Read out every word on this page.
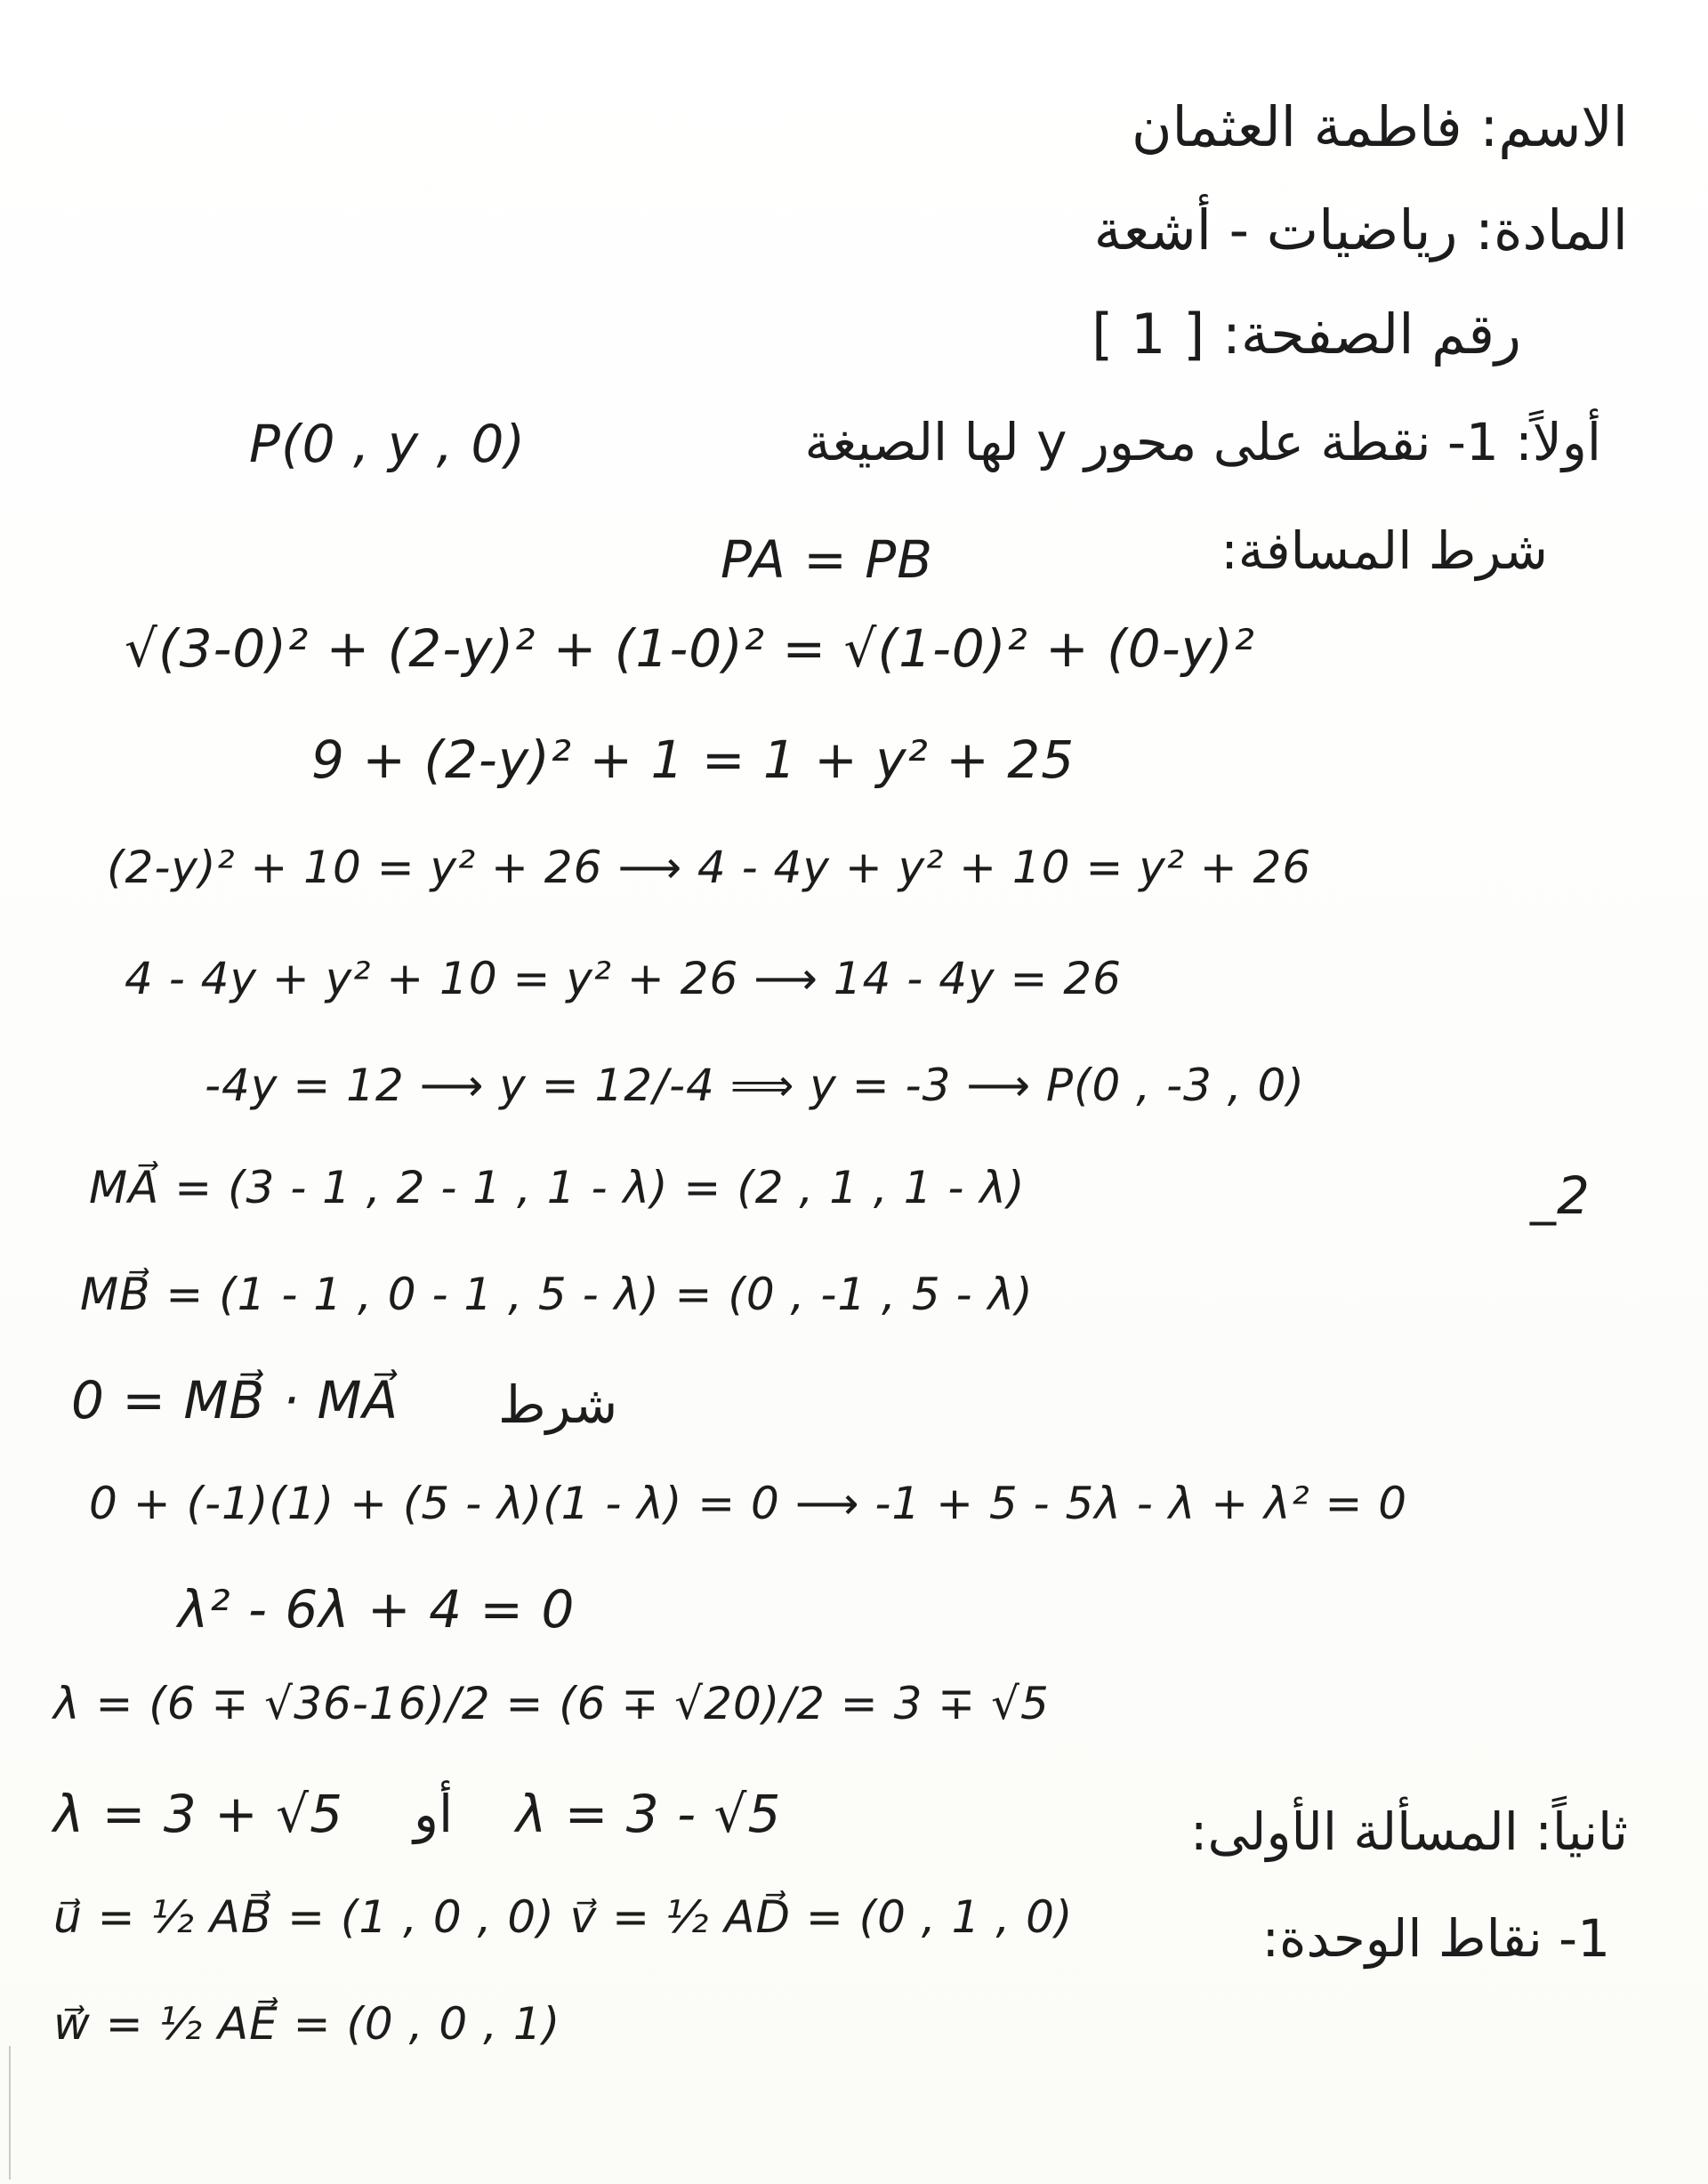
الاسم: فاطمة العثمان
المادة: رياضيات - أشعة
رقم الصفحة: [ 1 ]
أولاً: 1- نقطة على محور y لها الصيغة
P(0 , y , 0)
شرط المسافة:
PA = PB
√(3-0)² + (2-y)² + (1-0)² = √(1-0)² + (0-y)²
9 + (2-y)² + 1 = 1 + y² + 25
(2-y)² + 10 = y² + 26 ⟶ 4 - 4y + y² + 10 = y² + 26
4 - 4y + y² + 10 = y² + 26 ⟶ 14 - 4y = 26
-4y = 12 ⟶ y = 12/-4 ⟹ y = -3 ⟶ P(0 , -3 , 0)
_2
MA⃗ = (3 - 1 , 2 - 1 , 1 - λ) = (2 , 1 , 1 - λ)
MB⃗ = (1 - 1 , 0 - 1 , 5 - λ) = (0 , -1 , 5 - λ)
0 = MB⃗ · MA⃗ شرط
0 + (-1)(1) + (5 - λ)(1 - λ) = 0 ⟶ -1 + 5 - 5λ - λ + λ² = 0
λ² - 6λ + 4 = 0
λ = (6 ∓ √36-16)/2 = (6 ∓ √20)/2 = 3 ∓ √5
λ = 3 + √5 أو λ = 3 - √5	ثانياً: المسألة الأولى:
1- نقاط الوحدة:
u⃗ = ½ AB⃗ = (1 , 0 , 0) v⃗ = ½ AD⃗ = (0 , 1 , 0)
w⃗ = ½ AE⃗ = (0 , 0 , 1)
